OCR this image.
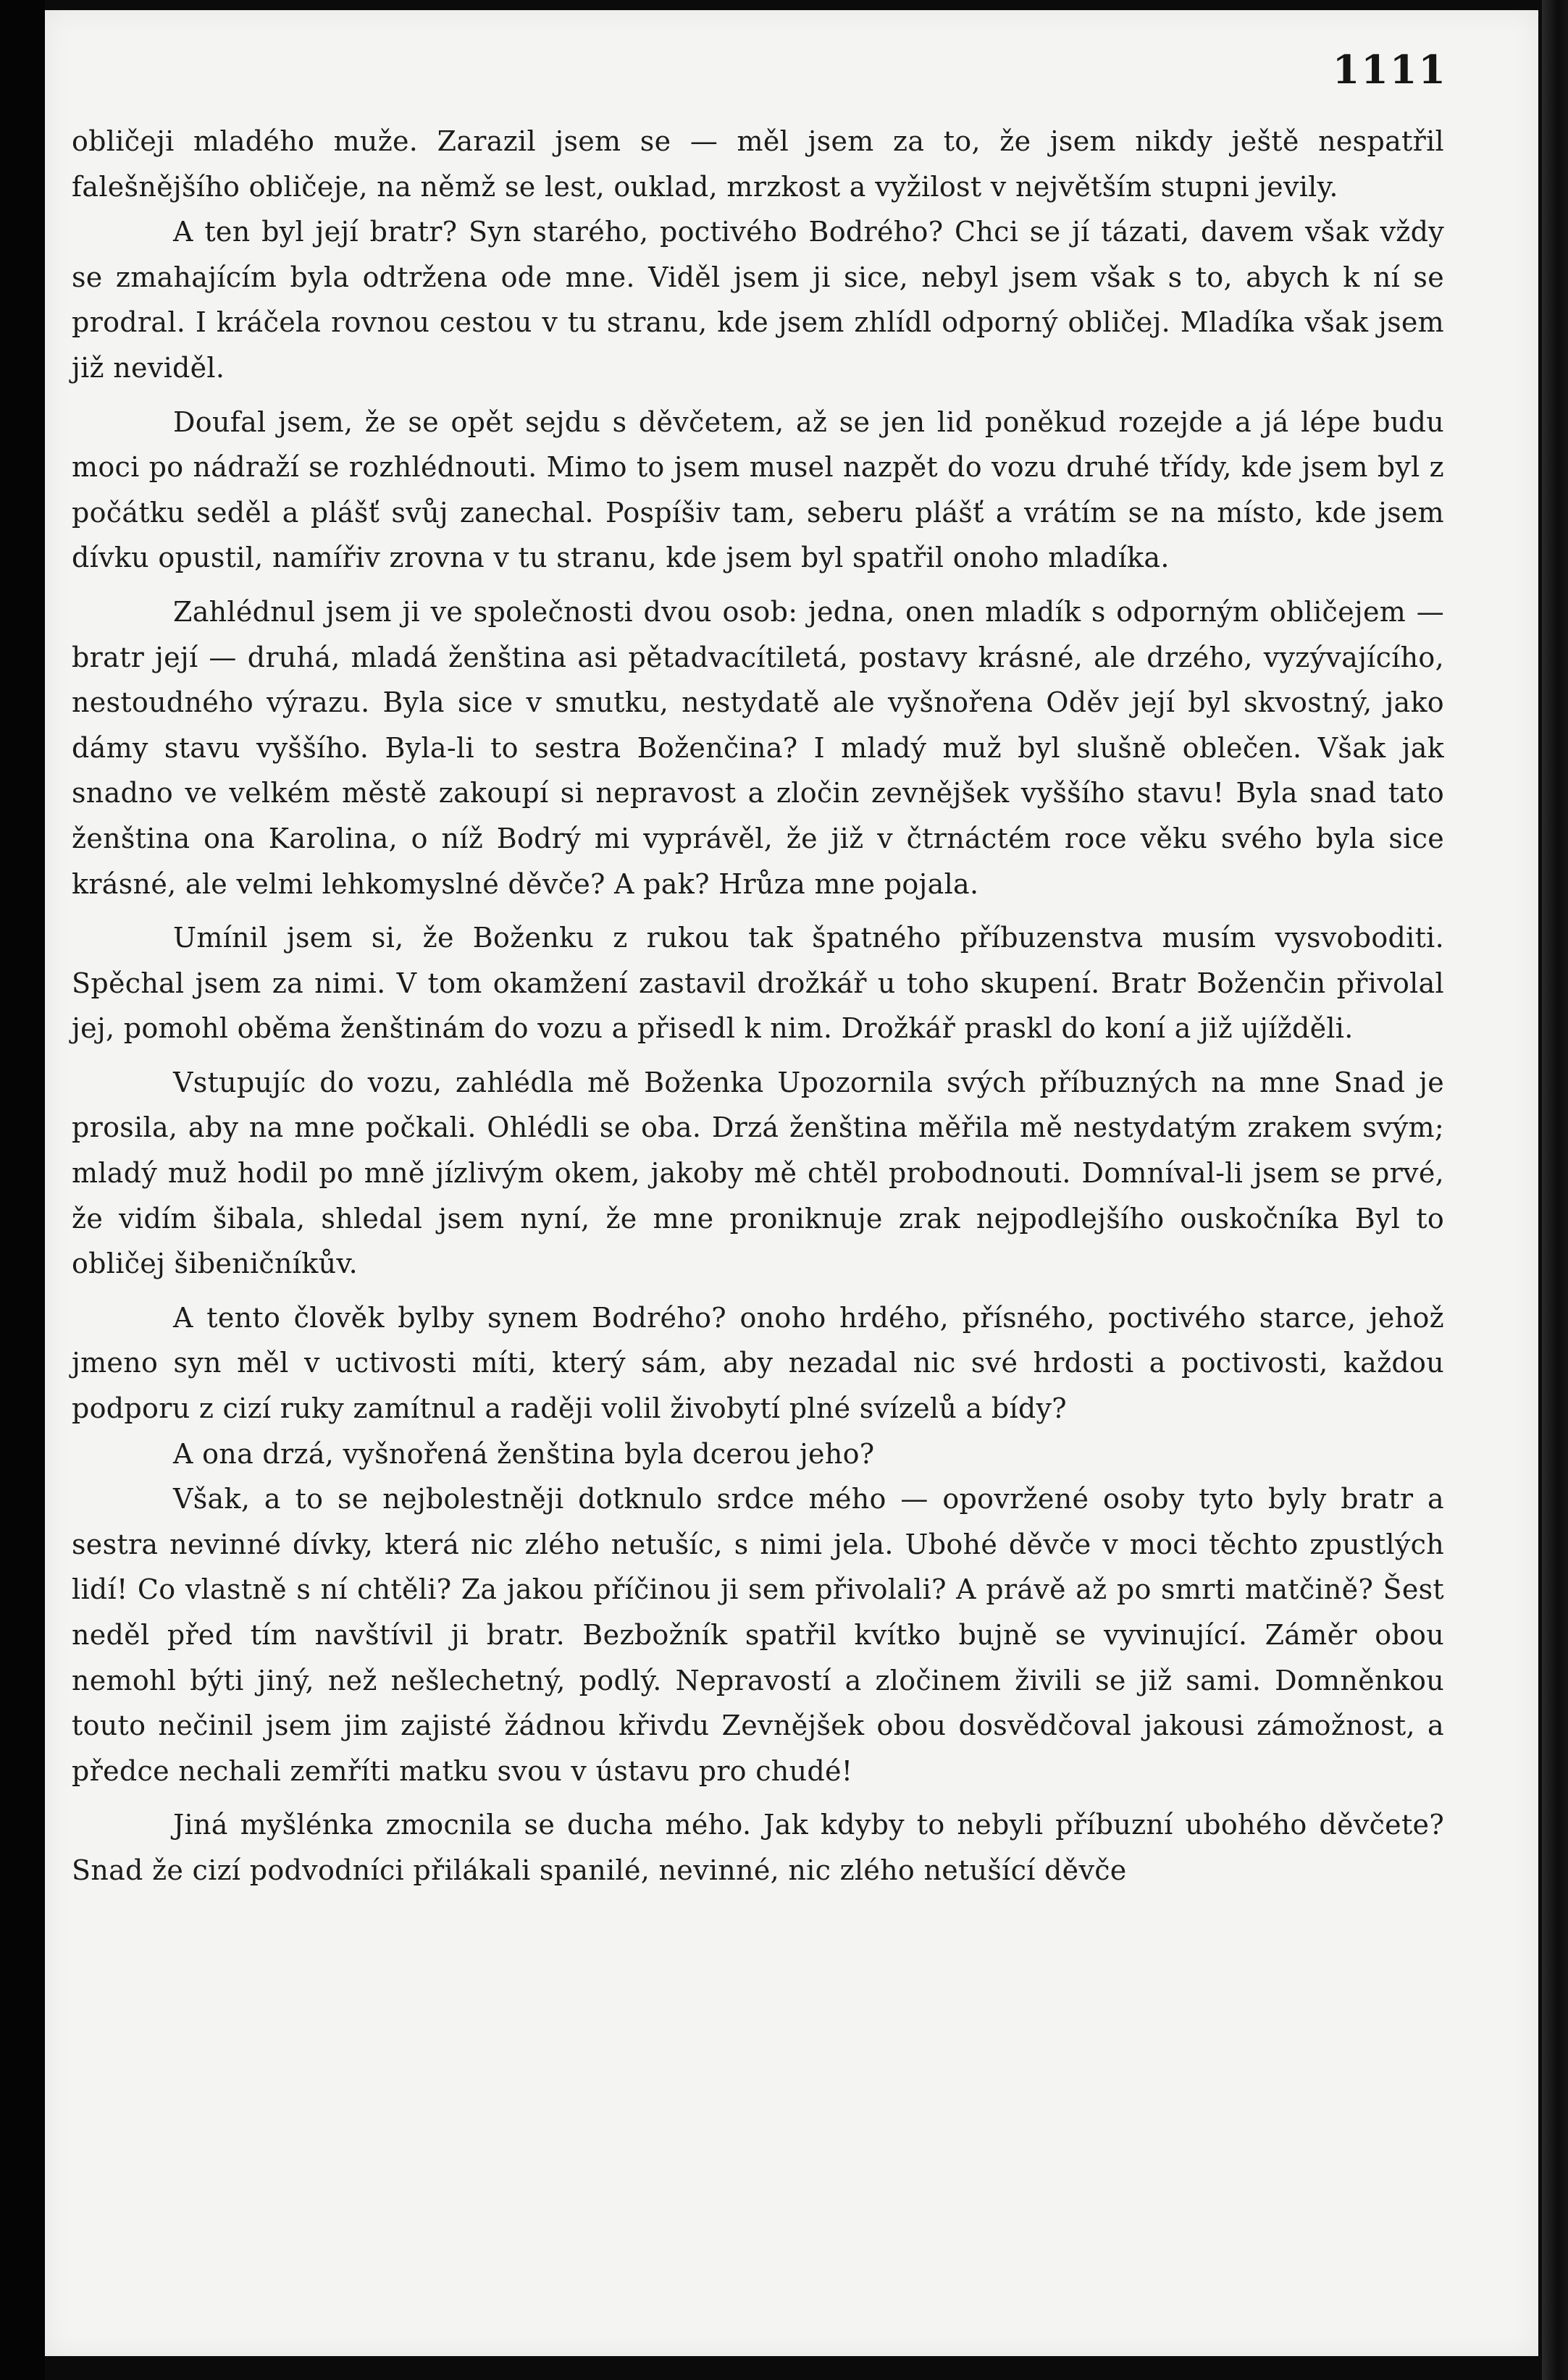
1111

obličeji mladého muže. Zarazil jsem se — měl jsem za to, že jsem nikdy ještě nespatřil falešnějšího obličeje, na němž se lest, ouklad, mrzkost a vyžilost v největším stupni jevily.

A ten byl její bratr? Syn starého, poctivého Bodrého? Chci se jí tázati, davem však vždy se zmahajícím byla odtržena ode mne. Viděl jsem ji sice, nebyl jsem však s to, abych k ní se prodral. I kráčela rovnou cestou v tu stranu, kde jsem zhlídl odporný obličej. Mladíka však jsem již neviděl.

Doufal jsem, že se opět sejdu s děvčetem, až se jen lid poněkud rozejde a já lépe budu moci po nádraží se rozhlédnouti. Mimo to jsem musel nazpět do vozu druhé třídy, kde jsem byl z počátku seděl a plášť svůj zanechal. Pospíšiv tam, seberu plášť a vrátím se na místo, kde jsem dívku opustil, namířiv zrovna v tu stranu, kde jsem byl spatřil onoho mladíka.

Zahlédnul jsem ji ve společnosti dvou osob: jedna, onen mladík s odporným obličejem — bratr její — druhá, mladá ženština asi pětadvacítiletá, postavy krásné, ale drzého, vyzývajícího, nestoudného výrazu. Byla sice v smutku, nestydatě ale vyšnořena Oděv její byl skvostný, jako dámy stavu vyššího. Byla-li to sestra Boženčina? I mladý muž byl slušně oblečen. Však jak snadno ve velkém městě zakoupí si nepravost a zločin zevnějšek vyššího stavu! Byla snad tato ženština ona Karolina, o níž Bodrý mi vyprávěl, že již v čtrnáctém roce věku svého byla sice krásné, ale velmi lehkomyslné děvče? A pak? Hrůza mne pojala.

Umínil jsem si, že Boženku z rukou tak špatného příbuzenstva musím vysvoboditi. Spěchal jsem za nimi. V tom okamžení zastavil drožkář u toho skupení. Bratr Boženčin přivolal jej, pomohl oběma ženštinám do vozu a přisedl k nim. Drožkář praskl do koní a již ujížděli.

Vstupujíc do vozu, zahlédla mě Boženka Upozornila svých příbuzných na mne Snad je prosila, aby na mne počkali. Ohlédli se oba. Drzá ženština měřila mě nestydatým zrakem svým; mladý muž hodil po mně jízlivým okem, jakoby mě chtěl probodnouti. Domníval-li jsem se prvé, že vidím šibala, shledal jsem nyní, že mne proniknuje zrak nejpodlejšího ouskočníka Byl to obličej šibeničníkův.

A tento člověk bylby synem Bodrého? onoho hrdého, přísného, poctivého starce, jehož jmeno syn měl v uctivosti míti, který sám, aby nezadal nic své hrdosti a poctivosti, každou podporu z cizí ruky zamítnul a raději volil živobytí plné svízelů a bídy?

A ona drzá, vyšnořená ženština byla dcerou jeho?

Však, a to se nejbolestněji dotknulo srdce mého — opovržené osoby tyto byly bratr a sestra nevinné dívky, která nic zlého netušíc, s nimi jela. Ubohé děvče v moci těchto zpustlých lidí! Co vlastně s ní chtěli? Za jakou příčinou ji sem přivolali? A právě až po smrti matčině? Šest neděl před tím navštívil ji bratr. Bezbožník spatřil kvítko bujně se vyvinující. Záměr obou nemohl býti jiný, než nešlechetný, podlý. Nepravostí a zločinem živili se již sami. Domněnkou touto nečinil jsem jim zajisté žádnou křivdu Zevnějšek obou dosvědčoval jakousi zámožnost, a předce nechali zemříti matku svou v ústavu pro chudé!

Jiná myšlénka zmocnila se ducha mého. Jak kdyby to nebyli příbuzní ubohého děvčete? Snad že cizí podvodníci přilákali spanilé, nevinné, nic zlého netušící děvče
